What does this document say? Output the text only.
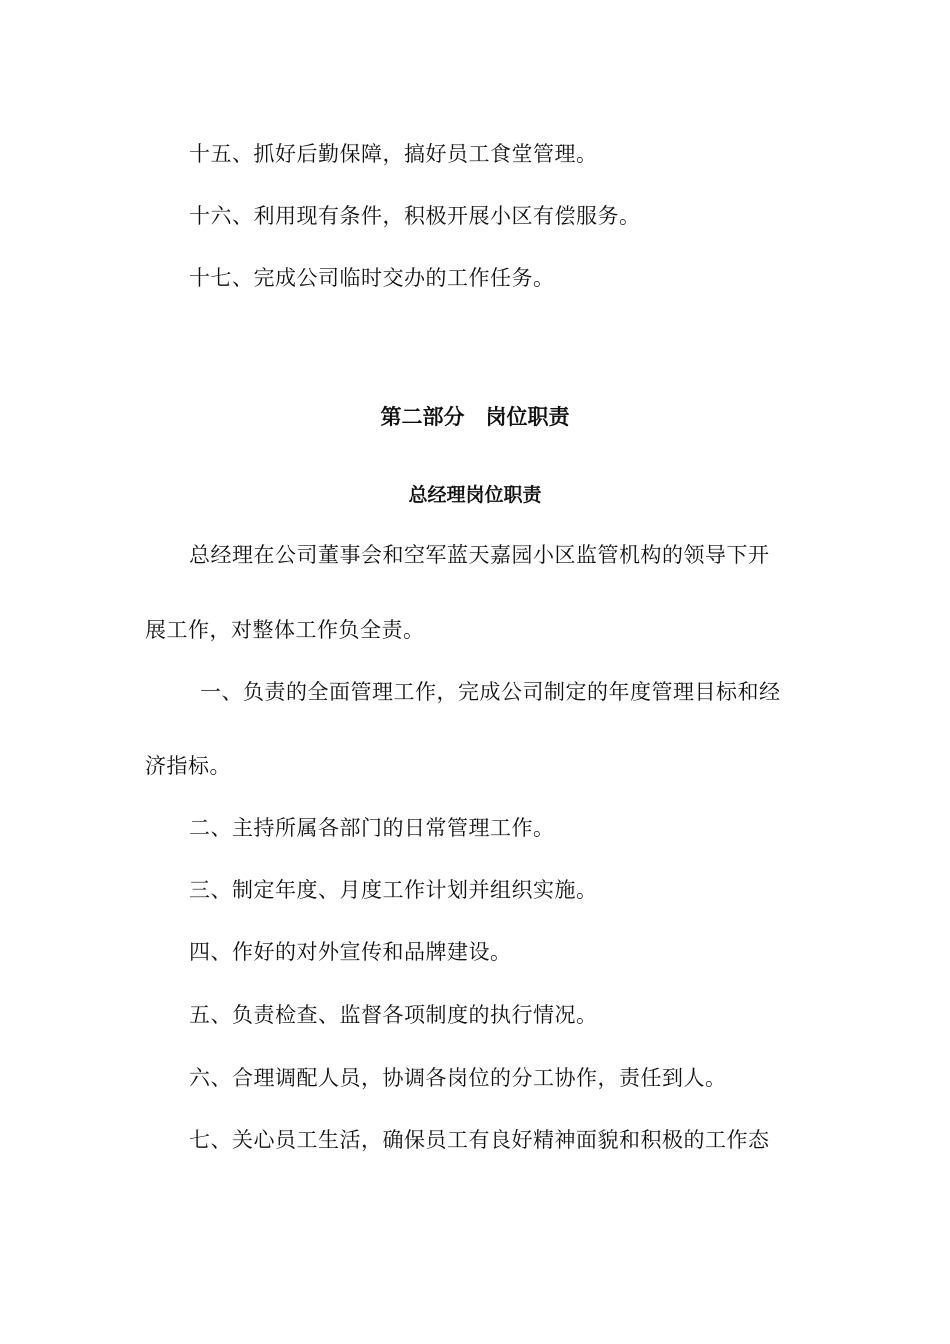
十五、抓好后勤保障，搞好员工食堂管理。
十六、利用现有条件，积极开展小区有偿服务。
十七、完成公司临时交办的工作任务。
第二部分　岗位职责
总经理岗位职责
总经理在公司董事会和空军蓝天嘉园小区监管机构的领导下开
展工作，对整体工作负全责。
一、负责的全面管理工作，完成公司制定的年度管理目标和经
济指标。
二、主持所属各部门的日常管理工作。
三、制定年度、月度工作计划并组织实施。
四、作好的对外宣传和品牌建设。
五、负责检查、监督各项制度的执行情况。
六、合理调配人员，协调各岗位的分工协作，责任到人。
七、关心员工生活，确保员工有良好精神面貌和积极的工作态
